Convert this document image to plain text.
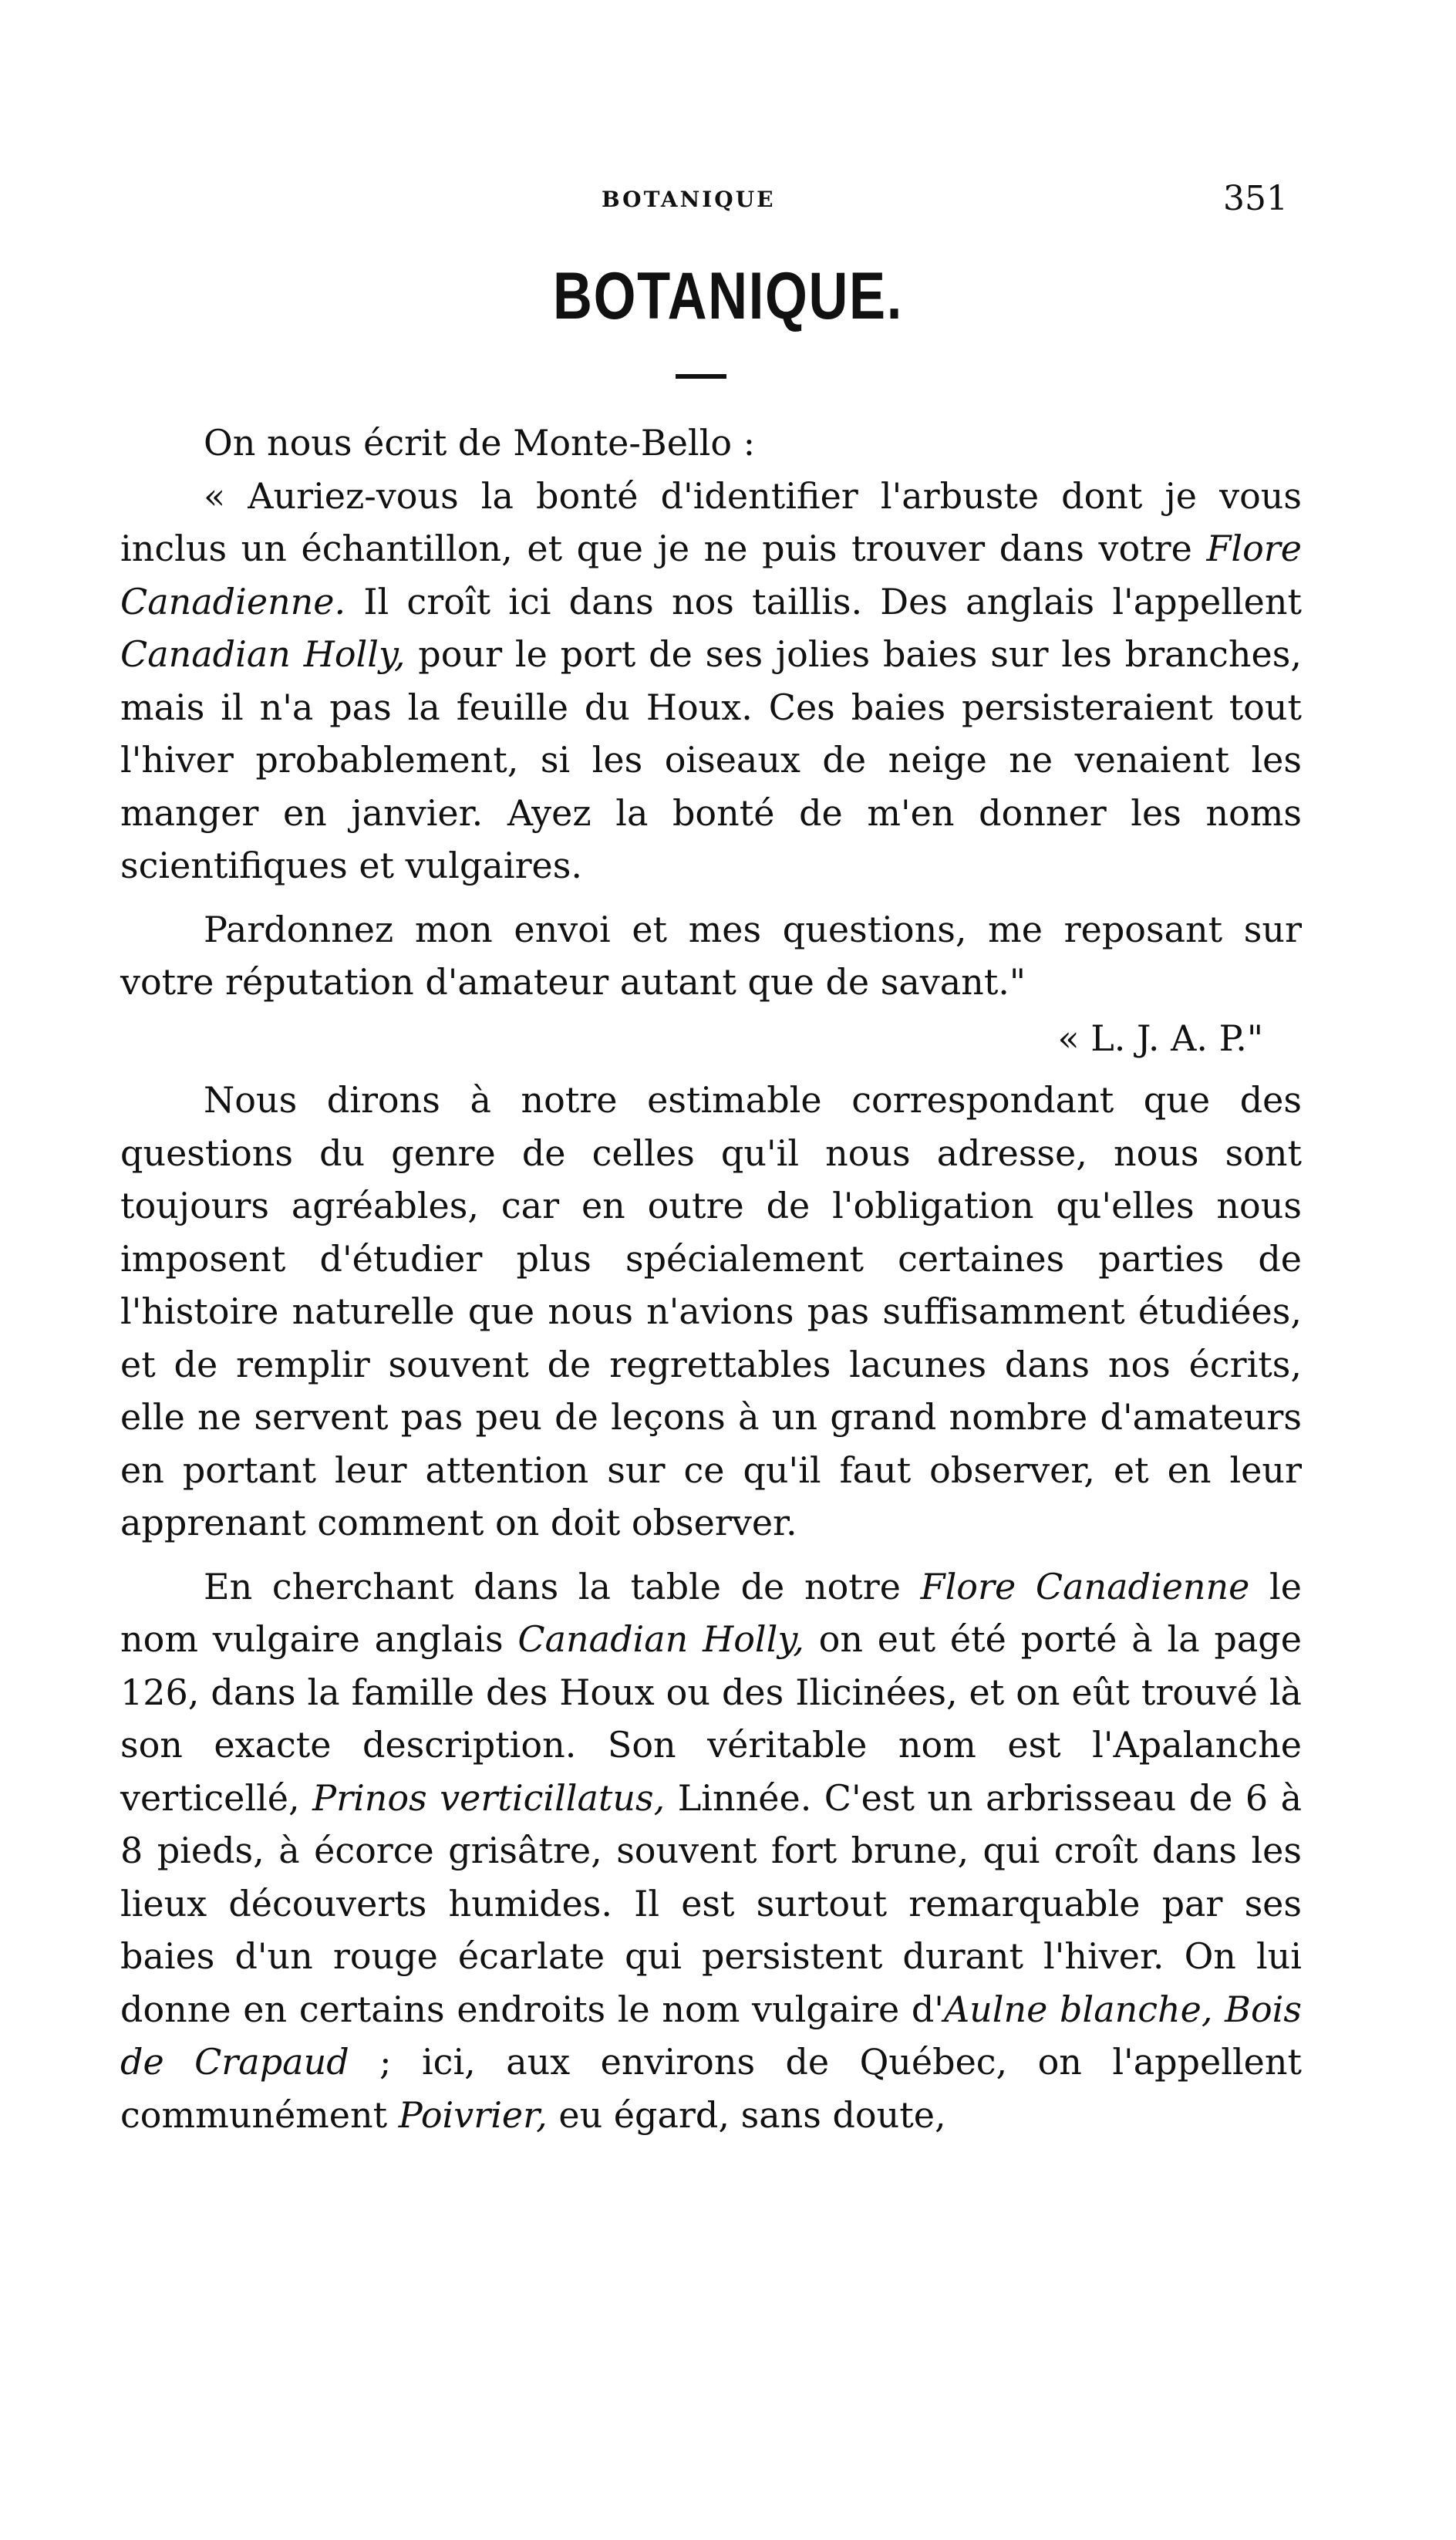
BOTANIQUE	351
BOTANIQUE.

On nous écrit de Monte-Bello :

« Auriez-vous la bonté d'identifier l'arbuste dont je vous inclus un échantillon, et que je ne puis trouver dans votre Flore Canadienne. Il croît ici dans nos taillis. Des anglais l'appellent Canadian Holly, pour le port de ses jolies baies sur les branches, mais il n'a pas la feuille du Houx. Ces baies persisteraient tout l'hiver probablement, si les oiseaux de neige ne venaient les manger en janvier. Ayez la bonté de m'en donner les noms scientifiques et vulgaires.

Pardonnez mon envoi et mes questions, me reposant sur votre réputation d'amateur autant que de savant."

« L. J. A. P."

Nous dirons à notre estimable correspondant que des questions du genre de celles qu'il nous adresse, nous sont toujours agréables, car en outre de l'obligation qu'elles nous imposent d'étudier plus spécialement certaines parties de l'histoire naturelle que nous n'avions pas suffisamment étudiées, et de remplir souvent de regrettables lacunes dans nos écrits, elle ne servent pas peu de leçons à un grand nombre d'amateurs en portant leur attention sur ce qu'il faut observer, et en leur apprenant comment on doit observer.

En cherchant dans la table de notre Flore Canadienne le nom vulgaire anglais Canadian Holly, on eut été porté à la page 126, dans la famille des Houx ou des Ilicinées, et on eût trouvé là son exacte description. Son véritable nom est l'Apalanche verticellé, Prinos verticillatus, Linnée. C'est un arbrisseau de 6 à 8 pieds, à écorce grisâtre, souvent fort brune, qui croît dans les lieux découverts humides. Il est surtout remarquable par ses baies d'un rouge écarlate qui persistent durant l'hiver. On lui donne en certains endroits le nom vulgaire d'Aulne blanche, Bois de Crapaud ; ici, aux environs de Québec, on l'appellent communément Poivrier, eu égard, sans doute,
